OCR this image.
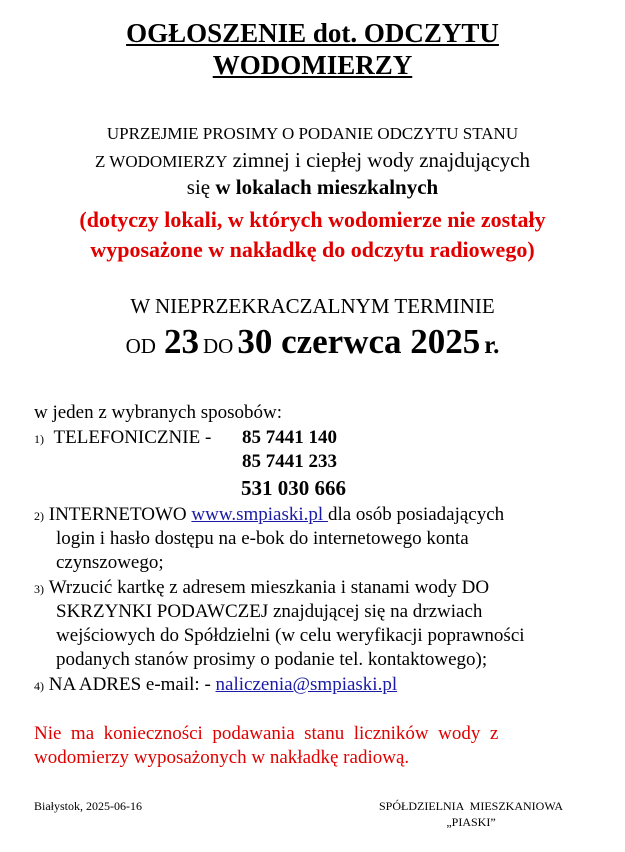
OGŁOSZENIE dot. ODCZYTU
WODOMIERZY
UPRZEJMIE PROSIMY O PODANIE ODCZYTU STANU
Z WODOMIERZY zimnej i ciepłej wody znajdujących
się w lokalach mieszkalnych
(dotyczy lokali, w których wodomierze nie zostały
wyposażone w nakładkę do odczytu radiowego)
W NIEPRZEKRACZALNYM TERMINIE
OD 23 DO 30 czerwca 2025 r.
w jeden z wybranych sposobów:
1) TELEFONICZNIE - 85 7441 140
85 7441 233
531 030 666
2) INTERNETOWO www.smpiaski.pl dla osób posiadających
login i hasło dostępu na e-bok do internetowego konta
czynszowego;
3) Wrzucić kartkę z adresem mieszkania i stanami wody DO
SKRZYNKI PODAWCZEJ znajdującej się na drzwiach
wejściowych do Spółdzielni (w celu weryfikacji poprawności
podanych stanów prosimy o podanie tel. kontaktowego);
4) NA ADRES e-mail: - naliczenia@smpiaski.pl
Nie  ma  konieczności  podawania  stanu  liczników  wody  z
wodomierzy wyposażonych w nakładkę radiową.
Białystok, 2025-06-16	SPÓŁDZIELNIA  MIESZKANIOWA
„PIASKI”
